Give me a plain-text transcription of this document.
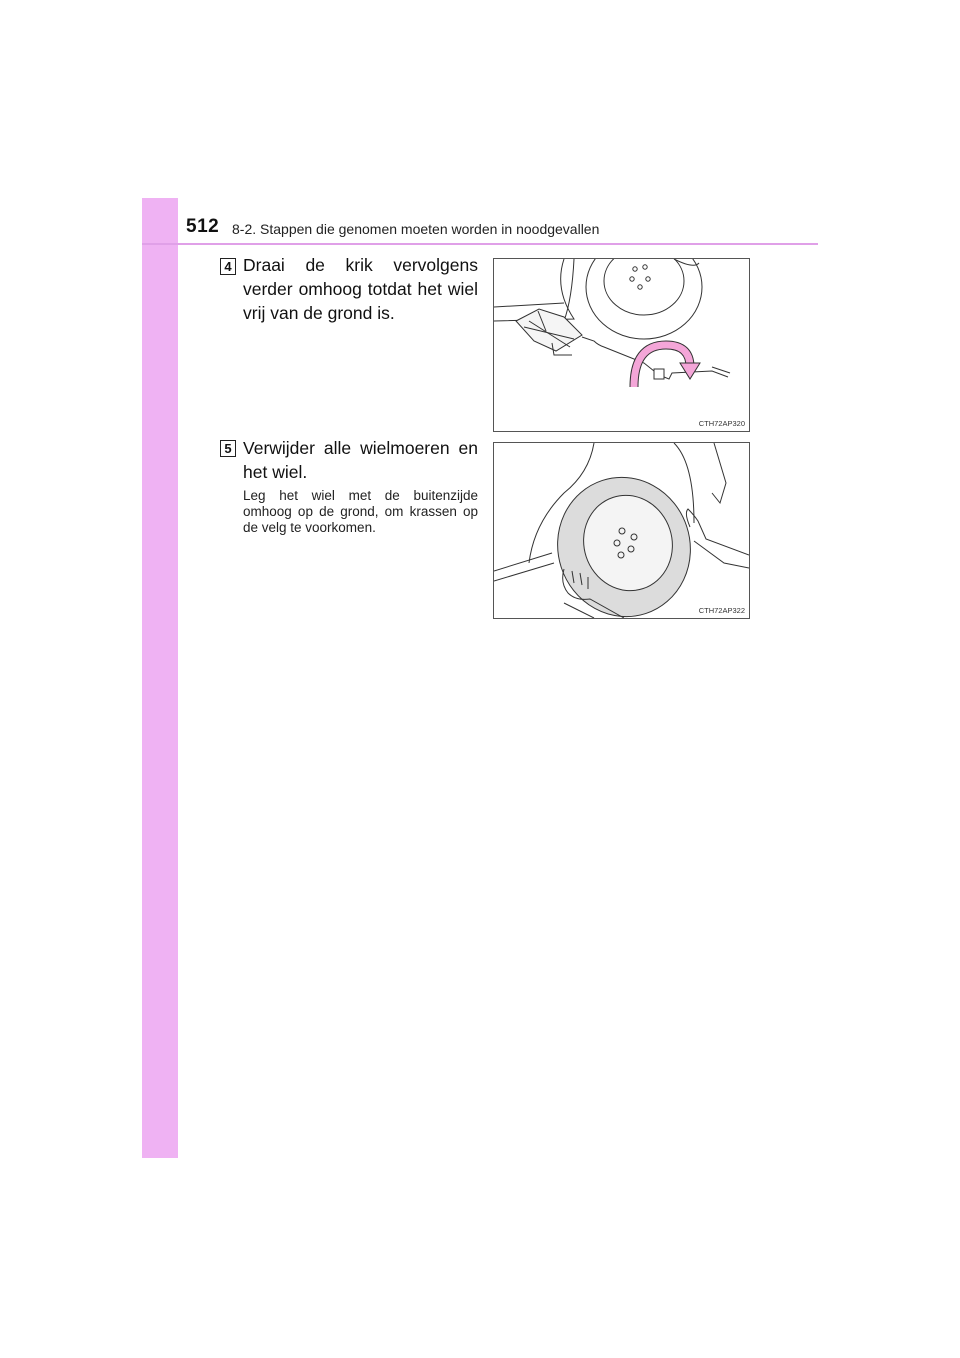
512 8-2. Stappen die genomen moeten worden in noodgevallen
4 Draai de krik vervolgens verder omhoog totdat het wiel vrij van de grond is.
CTH72AP320
5 Verwijder alle wielmoeren en het wiel.
Leg het wiel met de buitenzijde omhoog op de grond, om krassen op de velg te voorkomen.
CTH72AP322
